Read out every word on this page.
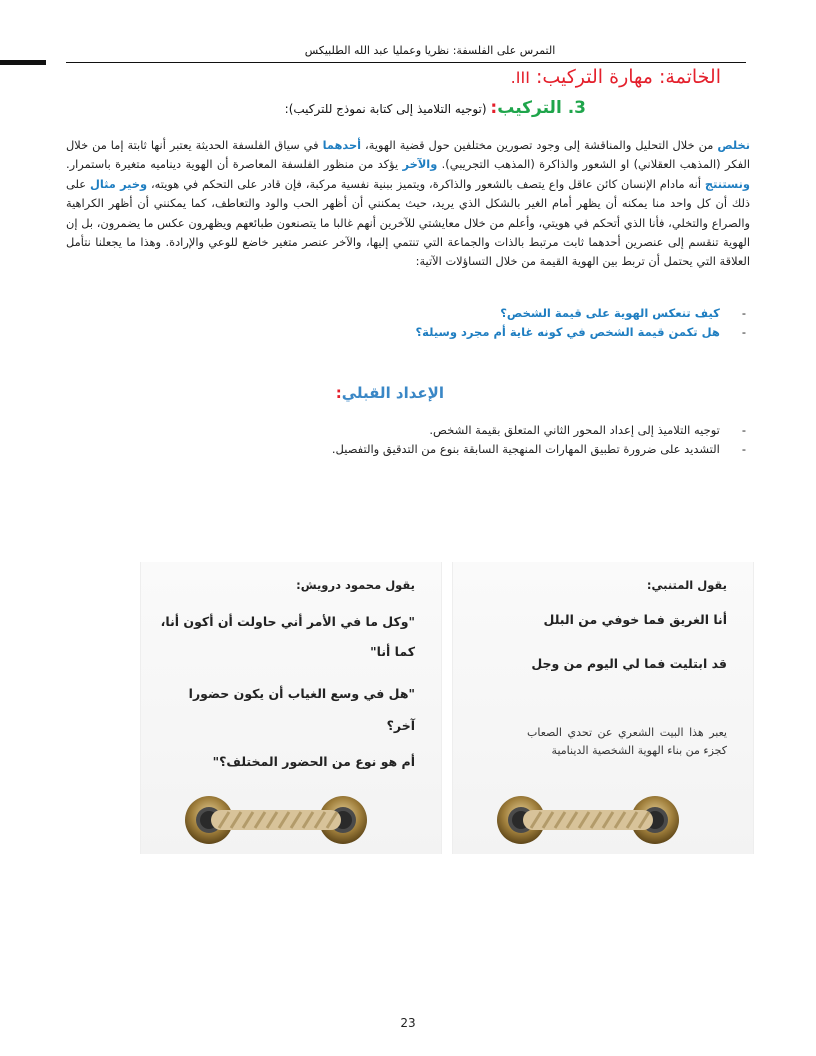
التمرس على الفلسفة: نظريا وعمليا عبد الله الطلبيكس
الخاتمة: مهارة التركيب: III.
3. التركيب: (توجيه التلاميذ إلى كتابة نموذج للتركيب):
نخلص من خلال التحليل والمناقشة إلى وجود تصورين مختلفين حول قضية الهوية، أحدهما في سياق الفلسفة الحديثة يعتبر أنها ثابتة إما من خلال الفكر (المذهب العقلاني) او الشعور والذاكرة (المذهب التجريبي). والآخر يؤكد من منظور الفلسفة المعاصرة أن الهوية ديناميه متغيرة باستمرار. ونستنتج أنه مادام الإنسان كائن عاقل واع يتصف بالشعور والذاكرة، ويتميز ببنية نفسية مركبة، فإن قادر على التحكم في هويته، وخير مثال على ذلك أن كل واحد منا يمكنه أن يظهر أمام الغير بالشكل الذي يريد، حيث يمكنني أن أظهر الحب والود والتعاطف، كما يمكنني أن أظهر الكراهية والصراع والتخلي، فأنا الذي أتحكم في هويتي، وأعلم من خلال معايشتي للآخرين أنهم غالبا ما يتصنعون طبائعهم ويظهرون عكس ما يضمرون، بل إن الهوية تنقسم إلى عنصرين أحدهما ثابت مرتبط بالذات والجماعة التي تنتمي إليها، والآخر عنصر متغير خاضع للوعي والإرادة. وهذا ما يجعلنا نتأمل العلاقة التي يحتمل أن تربط بين الهوية القيمة من خلال التساؤلات الآتية:
-كيف تنعكس الهوية على قيمة الشخص؟
-هل تكمن قيمة الشخص في كونه غاية أم مجرد وسيلة؟
الإعداد القبلي:
-توجيه التلاميذ إلى إعداد المحور الثاني المتعلق بقيمة الشخص.
-التشديد على ضرورة تطبيق المهارات المنهجية السابقة بنوع من التدقيق والتفصيل.
يقول المتنبي:
أنا الغريق فما خوفي من البلل
قد ابتليت فما لي اليوم من وجل
يعبر هذا البيت الشعري عن تحدي الصعاب كجزء من بناء الهوية الشخصية الدينامية
يقول محمود درويش:
"وكل ما في الأمر أني حاولت أن أكون أنا،
كما أنا"
"هل في وسع الغياب أن يكون حضورا
آخر؟
أم هو نوع من الحضور المختلف؟"
23
